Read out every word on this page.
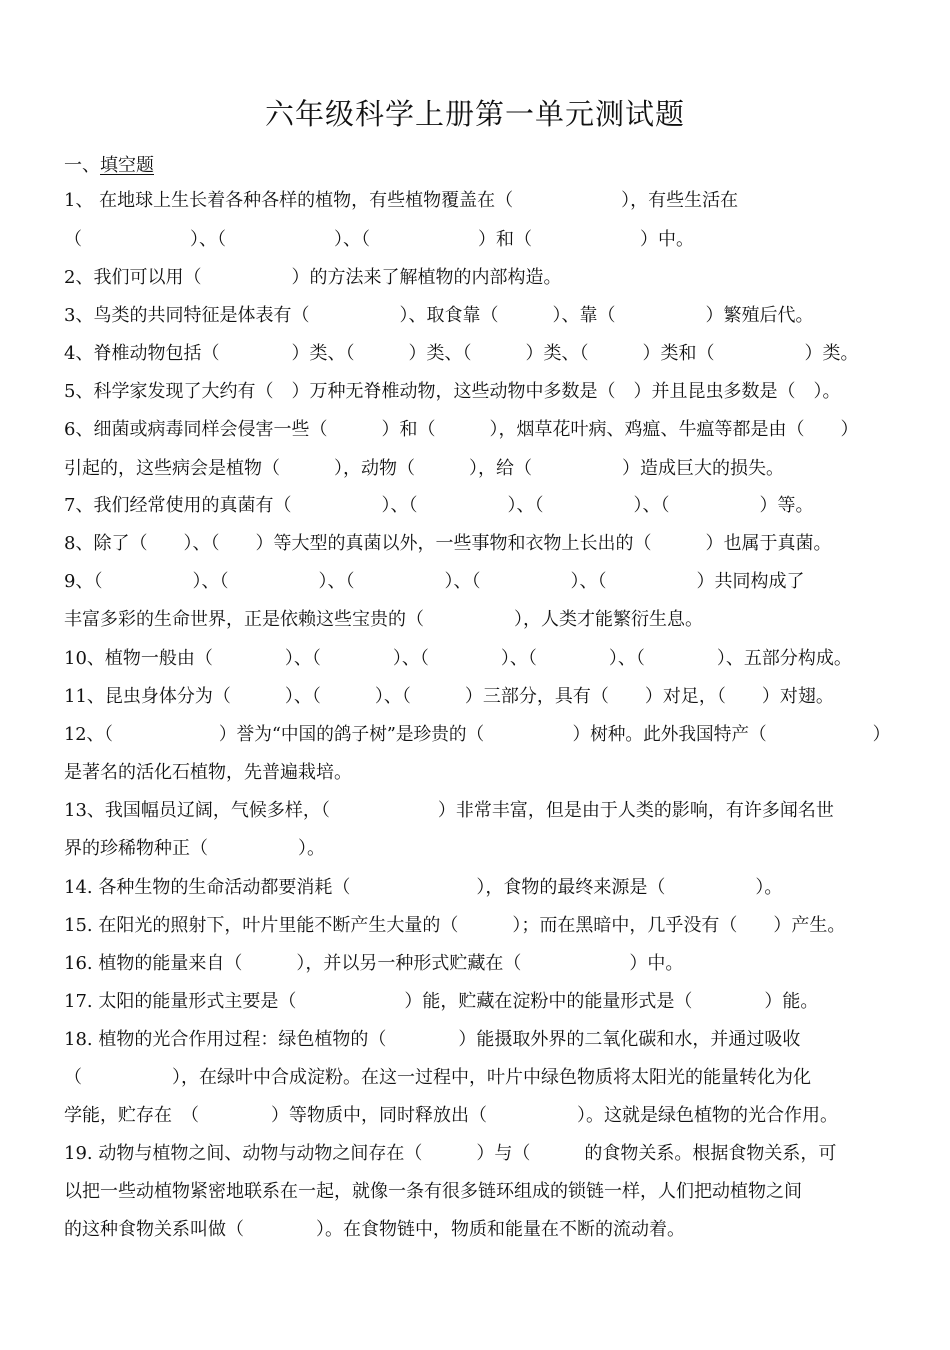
六年级科学上册第一单元测试题
一、填空题
1、 在地球上生长着各种各样的植物，有些植物覆盖在（　　　　　　），有些生活在
（　　　　　　）、（　　　　　　）、（　　　　　　）和（　　　　　　）中。
2、我们可以用（　　　　　）的方法来了解植物的内部构造。
3、鸟类的共同特征是体表有（　　　　　）、取食靠（　　　）、靠（　　　　　）繁殖后代。
4、脊椎动物包括（　　　　）类、（　　　）类、（　　　）类、（　　　）类和（　　　　　）类。
5、科学家发现了大约有（　）万种无脊椎动物，这些动物中多数是（　）并且昆虫多数是（　）。
6、细菌或病毒同样会侵害一些（　　　）和（　　　），烟草花叶病、鸡瘟、牛瘟等都是由（　　）
引起的，这些病会是植物（　　　），动物（　　　），给（　　　　　）造成巨大的损失。
7、我们经常使用的真菌有（　　　　　）、（　　　　　）、（　　　　　）、（　　　　　）等。
8、除了（　　）、（　　）等大型的真菌以外，一些事物和衣物上长出的（　　　）也属于真菌。
9、（　　　　　）、（　　　　　）、（　　　　　）、（　　　　　）、（　　　　　）共同构成了
丰富多彩的生命世界，正是依赖这些宝贵的（　　　　　），人类才能繁衍生息。
10、植物一般由（　　　　）、（　　　　）、（　　　　）、（　　　　）、（　　　　）、五部分构成。
11、昆虫身体分为（　　　）、（　　　）、（　　　）三部分，具有（　　）对足，（　　）对翅。
12、（　　　　　　）誉为“中国的鸽子树”是珍贵的（　　　　　）树种。此外我国特产（　　　　　　）
是著名的活化石植物，先普遍栽培。
13、我国幅员辽阔，气候多样，（　　　　　　）非常丰富，但是由于人类的影响，有许多闻名世
界的珍稀物种正（　　　　　）。
14. 各种生物的生命活动都要消耗（　　　　　　　），食物的最终来源是（　　　　　）。
15. 在阳光的照射下，叶片里能不断产生大量的（　　　）；而在黑暗中，几乎没有（　　）产生。
16. 植物的能量来自（　　　），并以另一种形式贮藏在（　　　　　　）中。
17. 太阳的能量形式主要是（　　　　　　）能，贮藏在淀粉中的能量形式是（　　　　）能。
18. 植物的光合作用过程：绿色植物的（　　　　）能摄取外界的二氧化碳和水，并通过吸收
（　　　　　），在绿叶中合成淀粉。在这一过程中，叶片中绿色物质将太阳光的能量转化为化
学能，贮存在　（　　　　）等物质中，同时释放出（　　　　　）。这就是绿色植物的光合作用。
19. 动物与植物之间、动物与动物之间存在（　　　）与（　　　的食物关系。根据食物关系，可
以把一些动植物紧密地联系在一起，就像一条有很多链环组成的锁链一样，人们把动植物之间
的这种食物关系叫做（　　　　）。在食物链中，物质和能量在不断的流动着。
